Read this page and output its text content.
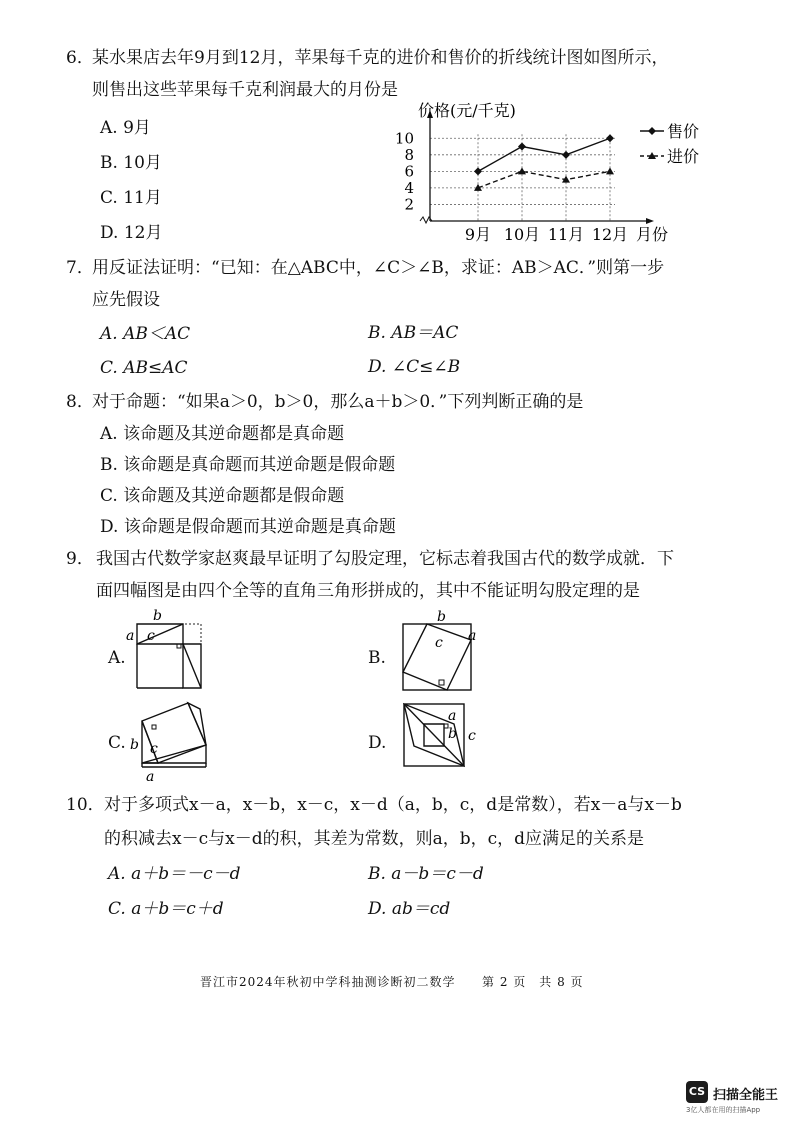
6．
某水果店去年9月到12月，苹果每千克的进价和售价的折线统计图如图所示，
则售出这些苹果每千克利润最大的月份是
A. 9月
B. 10月
C. 11月
D. 12月
2
4
6
8
10
价格(元/千克)
月份
9月 10月 11月 12月
售价
进价
7．
用反证法证明：“已知：在△ABC中，∠C＞∠B，求证：AB＞AC．”则第一步
应先假设
A. AB＜AC	B. AB＝AC
C. AB≤AC	D. ∠C≤∠B
8．
对于命题：“如果a＞0，b＞0，那么a＋b＞0．”下列判断正确的是
A. 该命题及其逆命题都是真命题
B. 该命题是真命题而其逆命题是假命题
C. 该命题及其逆命题都是假命题
D. 该命题是假命题而其逆命题是真命题
9． 我国古代数学家赵爽最早证明了勾股定理，它标志着我国古代的数学成就．下
面四幅图是由四个全等的直角三角形拼成的，其中不能证明勾股定理的是
A.	B.
C.	D.
b
a c
b
a
c
b c
a
a
b c
10． 对于多项式x－a，x－b，x－c，x－d（a，b，c，d是常数），若x－a与x－b
的积减去x－c与x－d的积，其差为常数，则a，b，c，d应满足的关系是
A. a＋b＝－c－d	B. a－b＝c－d
C. a＋b＝c＋d	D. ab＝cd
晋江市2024年秋初中学科抽测诊断初二数学 第 2 页　共 8 页
CS 扫描全能王
3亿人都在用的扫描App
